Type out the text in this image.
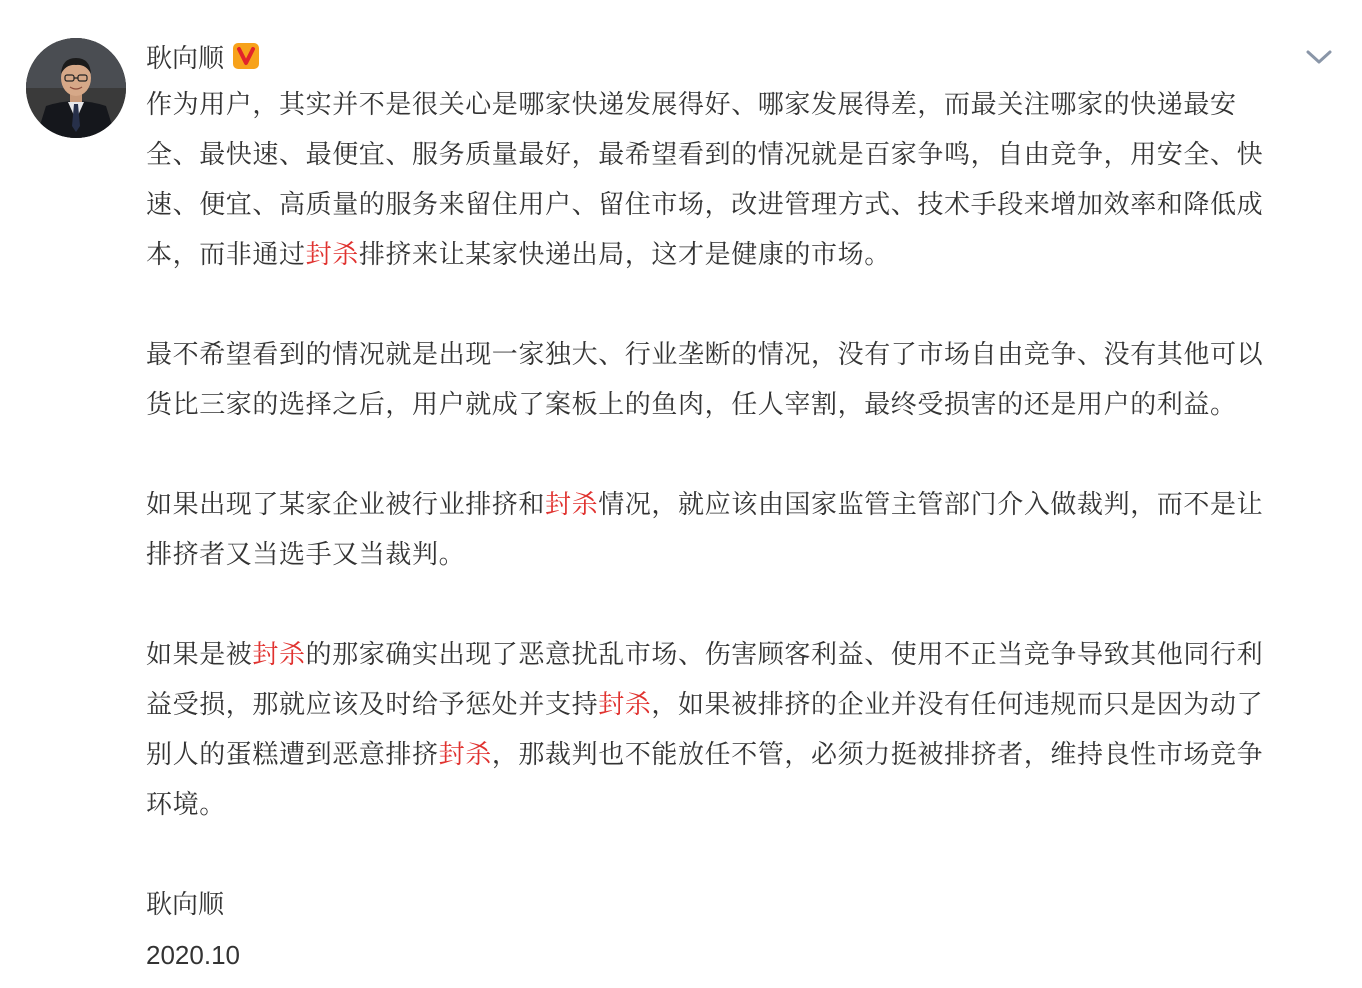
耿向顺
作为用户，其实并不是很关心是哪家快递发展得好、哪家发展得差，而最关注哪家的快递最安
全、最快速、最便宜、服务质量最好，最希望看到的情况就是百家争鸣，自由竞争，用安全、快
速、便宜、高质量的服务来留住用户、留住市场，改进管理方式、技术手段来增加效率和降低成
本，而非通过封杀排挤来让某家快递出局，这才是健康的市场。
最不希望看到的情况就是出现一家独大、行业垄断的情况，没有了市场自由竞争、没有其他可以
货比三家的选择之后，用户就成了案板上的鱼肉，任人宰割，最终受损害的还是用户的利益。
如果出现了某家企业被行业排挤和封杀情况，就应该由国家监管主管部门介入做裁判，而不是让
排挤者又当选手又当裁判。
如果是被封杀的那家确实出现了恶意扰乱市场、伤害顾客利益、使用不正当竞争导致其他同行利
益受损，那就应该及时给予惩处并支持封杀，如果被排挤的企业并没有任何违规而只是因为动了
别人的蛋糕遭到恶意排挤封杀，那裁判也不能放任不管，必须力挺被排挤者，维持良性市场竞争
环境。
耿向顺
2020.10
